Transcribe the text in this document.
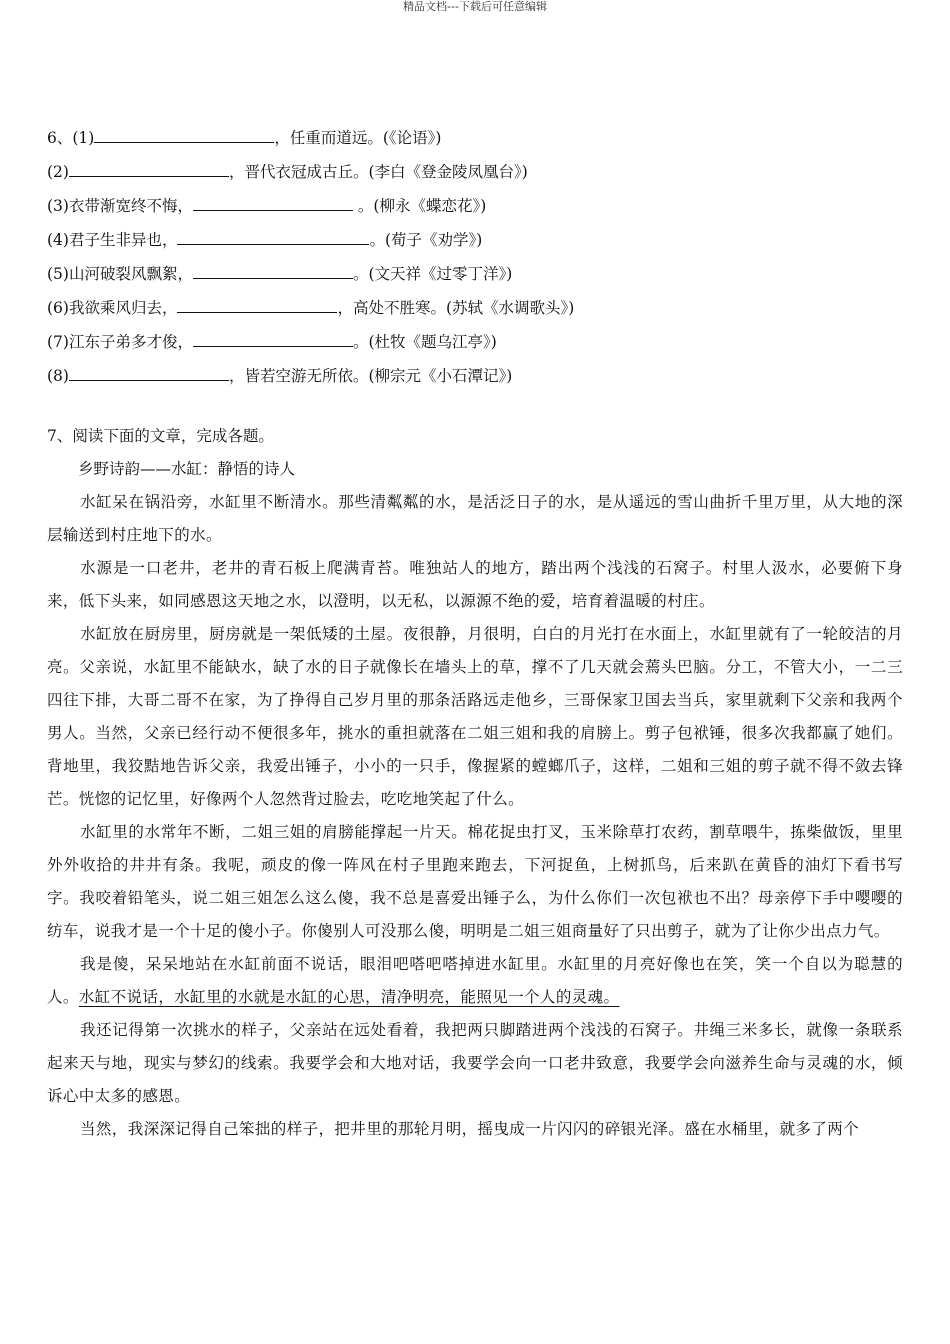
精品文档---下载后可任意编辑
6、(1)	，任重而道远。(《论语》)
(2)	，晋代衣冠成古丘。(李白《登金陵凤凰台》)
(3)衣带渐宽终不悔，	。(柳永《蝶恋花》)
(4)君子生非异也，	。(荀子《劝学》)
(5)山河破裂风飘絮，	。(文天祥《过零丁洋》)
(6)我欲乘风归去，	，高处不胜寒。(苏轼《水调歌头》)
(7)江东子弟多才俊，	。(杜牧《题乌江亭》)
(8)	，皆若空游无所依。(柳宗元《小石潭记》)
7、阅读下面的文章，完成各题。
乡野诗韵——水缸：静悟的诗人

水缸呆在锅沿旁，水缸里不断清水。那些清粼粼的水，是活泛日子的水，是从遥远的雪山曲折千里万里，从大地的深层输送到村庄地下的水。

水源是一口老井，老井的青石板上爬满青苔。唯独站人的地方，踏出两个浅浅的石窝子。村里人汲水，必要俯下身来，低下头来，如同感恩这天地之水，以澄明，以无私，以源源不绝的爱，培育着温暖的村庄。

水缸放在厨房里，厨房就是一架低矮的土屋。夜很静，月很明，白白的月光打在水面上，水缸里就有了一轮皎洁的月亮。父亲说，水缸里不能缺水，缺了水的日子就像长在墙头上的草，撑不了几天就会蔫头巴脑。分工，不管大小，一二三四往下排，大哥二哥不在家，为了挣得自己岁月里的那条活路远走他乡，三哥保家卫国去当兵，家里就剩下父亲和我两个男人。当然，父亲已经行动不便很多年，挑水的重担就落在二姐三姐和我的肩膀上。剪子包袱锤，很多次我都赢了她们。背地里，我狡黠地告诉父亲，我爱出锤子，小小的一只手，像握紧的螳螂爪子，这样，二姐和三姐的剪子就不得不敛去锋芒。恍惚的记忆里，好像两个人忽然背过脸去，吃吃地笑起了什么。

水缸里的水常年不断，二姐三姐的肩膀能撑起一片天。棉花捉虫打叉，玉米除草打农药，割草喂牛，拣柴做饭，里里外外收拾的井井有条。我呢，顽皮的像一阵风在村子里跑来跑去，下河捉鱼，上树抓鸟，后来趴在黄昏的油灯下看书写字。我咬着铅笔头，说二姐三姐怎么这么傻，我不总是喜爱出锤子么，为什么你们一次包袱也不出？母亲停下手中嘤嘤的纺车，说我才是一个十足的傻小子。你傻别人可没那么傻，明明是二姐三姐商量好了只出剪子，就为了让你少出点力气。

我是傻，呆呆地站在水缸前面不说话，眼泪吧嗒吧嗒掉进水缸里。水缸里的月亮好像也在笑，笑一个自以为聪慧的人。水缸不说话，水缸里的水就是水缸的心思，清净明亮，能照见一个人的灵魂。

我还记得第一次挑水的样子，父亲站在远处看着，我把两只脚踏进两个浅浅的石窝子。井绳三米多长，就像一条联系起来天与地，现实与梦幻的线索。我要学会和大地对话，我要学会向一口老井致意，我要学会向滋养生命与灵魂的水，倾诉心中太多的感恩。

当然，我深深记得自己笨拙的样子，把井里的那轮月明，摇曳成一片闪闪的碎银光泽。盛在水桶里，就多了两个
